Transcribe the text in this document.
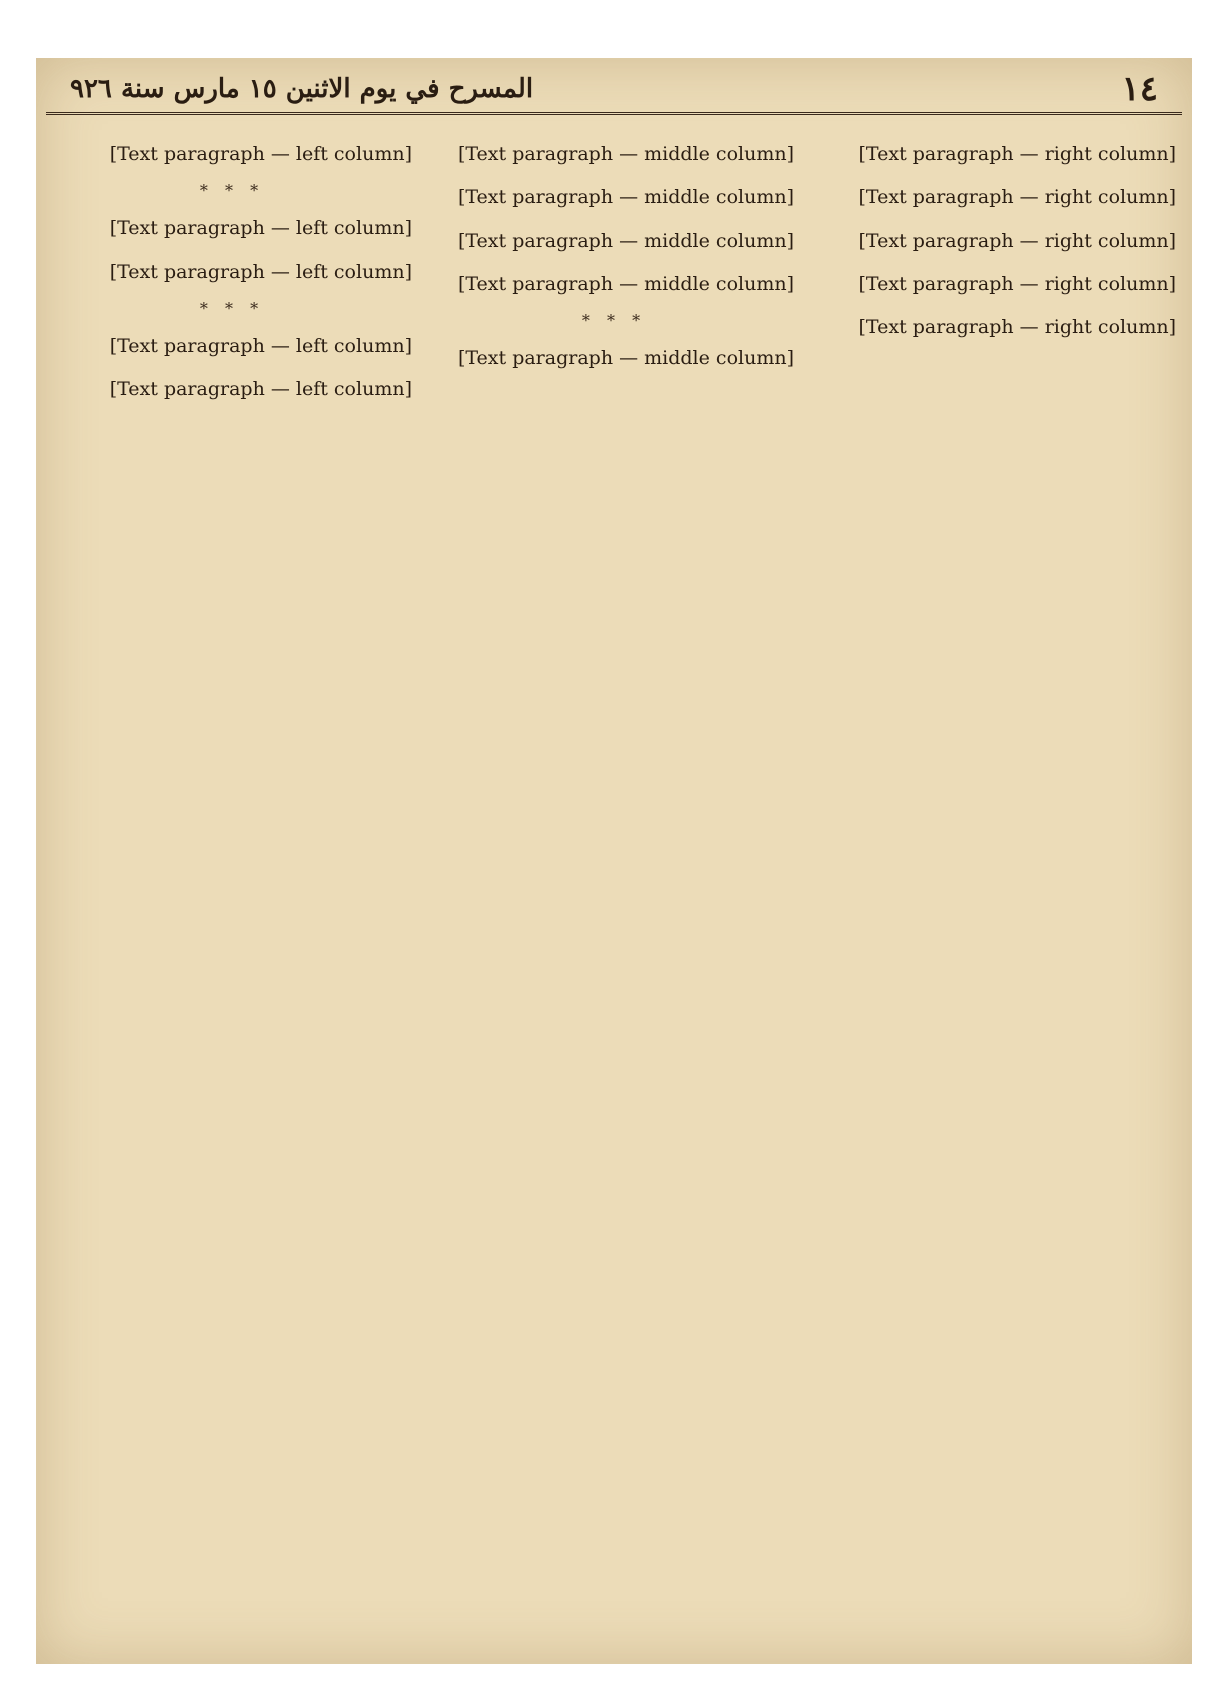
١٤
المسرح في يوم الاثنين ١٥ مارس سنة ٩٢٦

[Text paragraph — right column]

[Text paragraph — right column]

[Text paragraph — right column]

[Text paragraph — right column]

[Text paragraph — right column]

[Text paragraph — middle column]

[Text paragraph — middle column]

[Text paragraph — middle column]

[Text paragraph — middle column]

* * *

[Text paragraph — middle column]

[Text paragraph — left column]

* * *

[Text paragraph — left column]

[Text paragraph — left column]

* * *

[Text paragraph — left column]

[Text paragraph — left column]
